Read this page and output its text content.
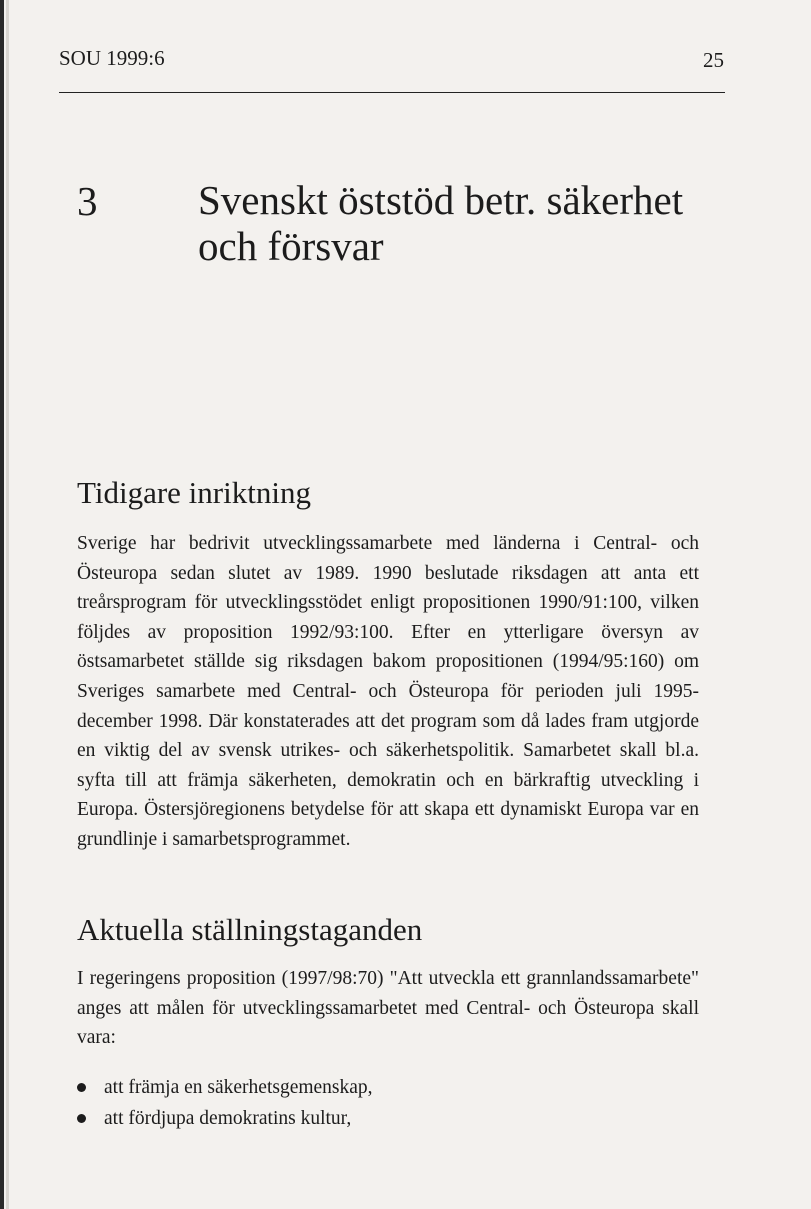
SOU 1999:6	25
3 Svenskt öststöd betr. säkerhet
och försvar
Tidigare inriktning

Sverige har bedrivit utvecklingssamarbete med länderna i Central- och Östeuropa sedan slutet av 1989. 1990 beslutade riksdagen att anta ett treårsprogram för utvecklingsstödet enligt propositionen 1990/91:100, vilken följdes av proposition 1992/93:100. Efter en ytterligare översyn av östsamarbetet ställde sig riksdagen bakom propositionen (1994/95:160) om Sveriges samarbete med Central- och Östeuropa för perioden juli 1995-december 1998. Där konstaterades att det program som då lades fram utgjorde en viktig del av svensk utrikes- och säkerhetspolitik. Samarbetet skall bl.a. syfta till att främja säkerheten, demokratin och en bärkraftig utveckling i Europa. Östersjöregionens betydelse för att skapa ett dynamiskt Europa var en grundlinje i samarbetsprogrammet.

Aktuella ställningstaganden

I regeringens proposition (1997/98:70) "Att utveckla ett grannlandssamarbete" anges att målen för utvecklingssamarbetet med Central- och Östeuropa skall vara:

att främja en säkerhetsgemenskap,
att fördjupa demokratins kultur,
